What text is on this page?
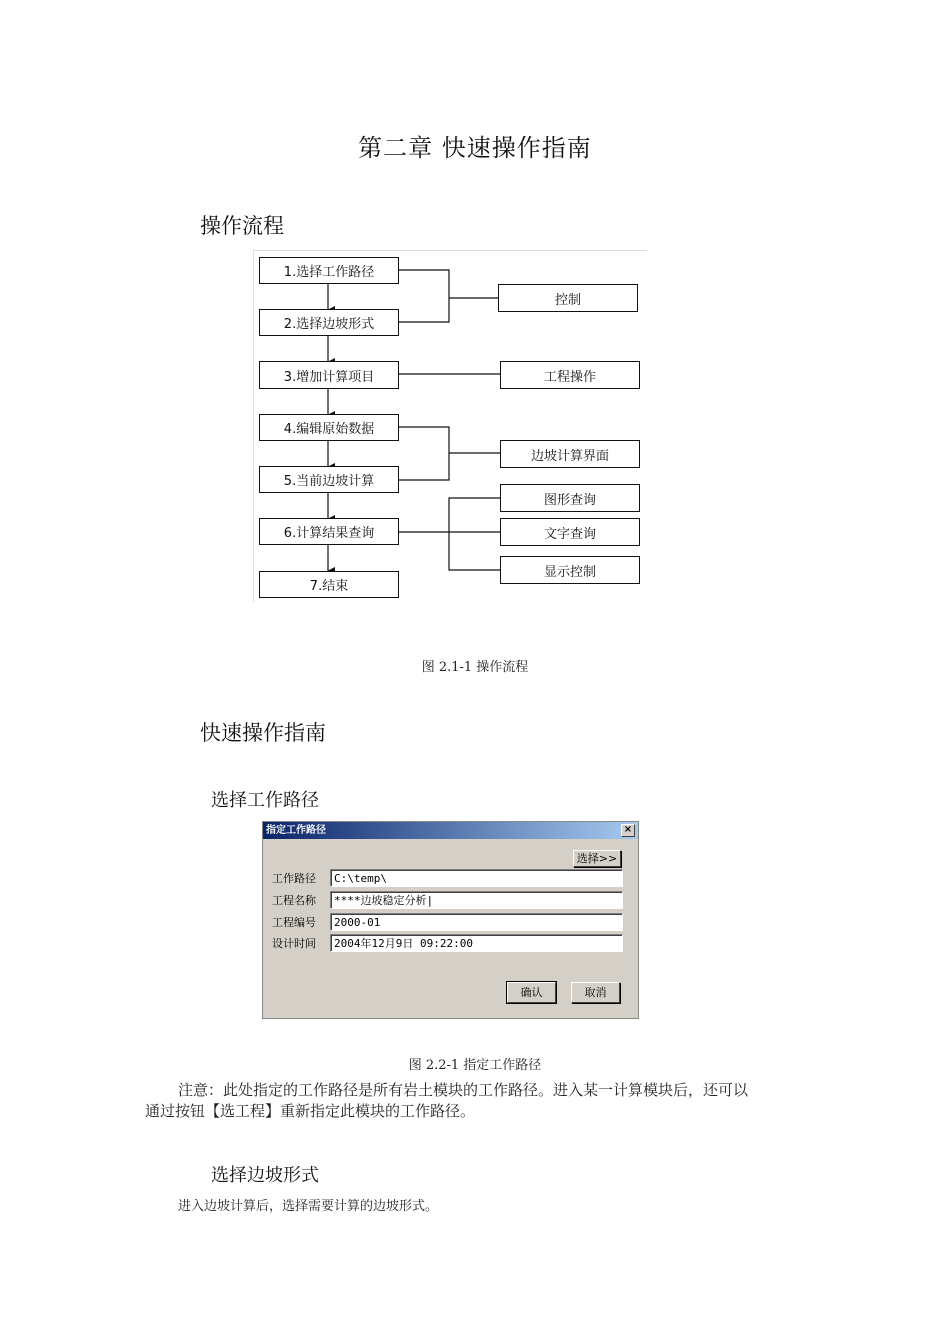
第二章 快速操作指南
操作流程
1.选择工作路径
2.选择边坡形式
3.增加计算项目
4.编辑原始数据
5.当前边坡计算
6.计算结果查询
7.结束
控制
工程操作
边坡计算界面
图形查询
文字查询
显示控制
图 2.1-1 操作流程
快速操作指南
选择工作路径
指定工作路径	×
选择>>
工作路径	C:\temp\
工程名称	****边坡稳定分析|
工程编号	2000-01
设计时间	2004年12月9日 09:22:00
确认	取消
图 2.2-1 指定工作路径
注意：此处指定的工作路径是所有岩土模块的工作路径。进入某一计算模块后，还可以
通过按钮【选工程】重新指定此模块的工作路径。
选择边坡形式
进入边坡计算后，选择需要计算的边坡形式。
